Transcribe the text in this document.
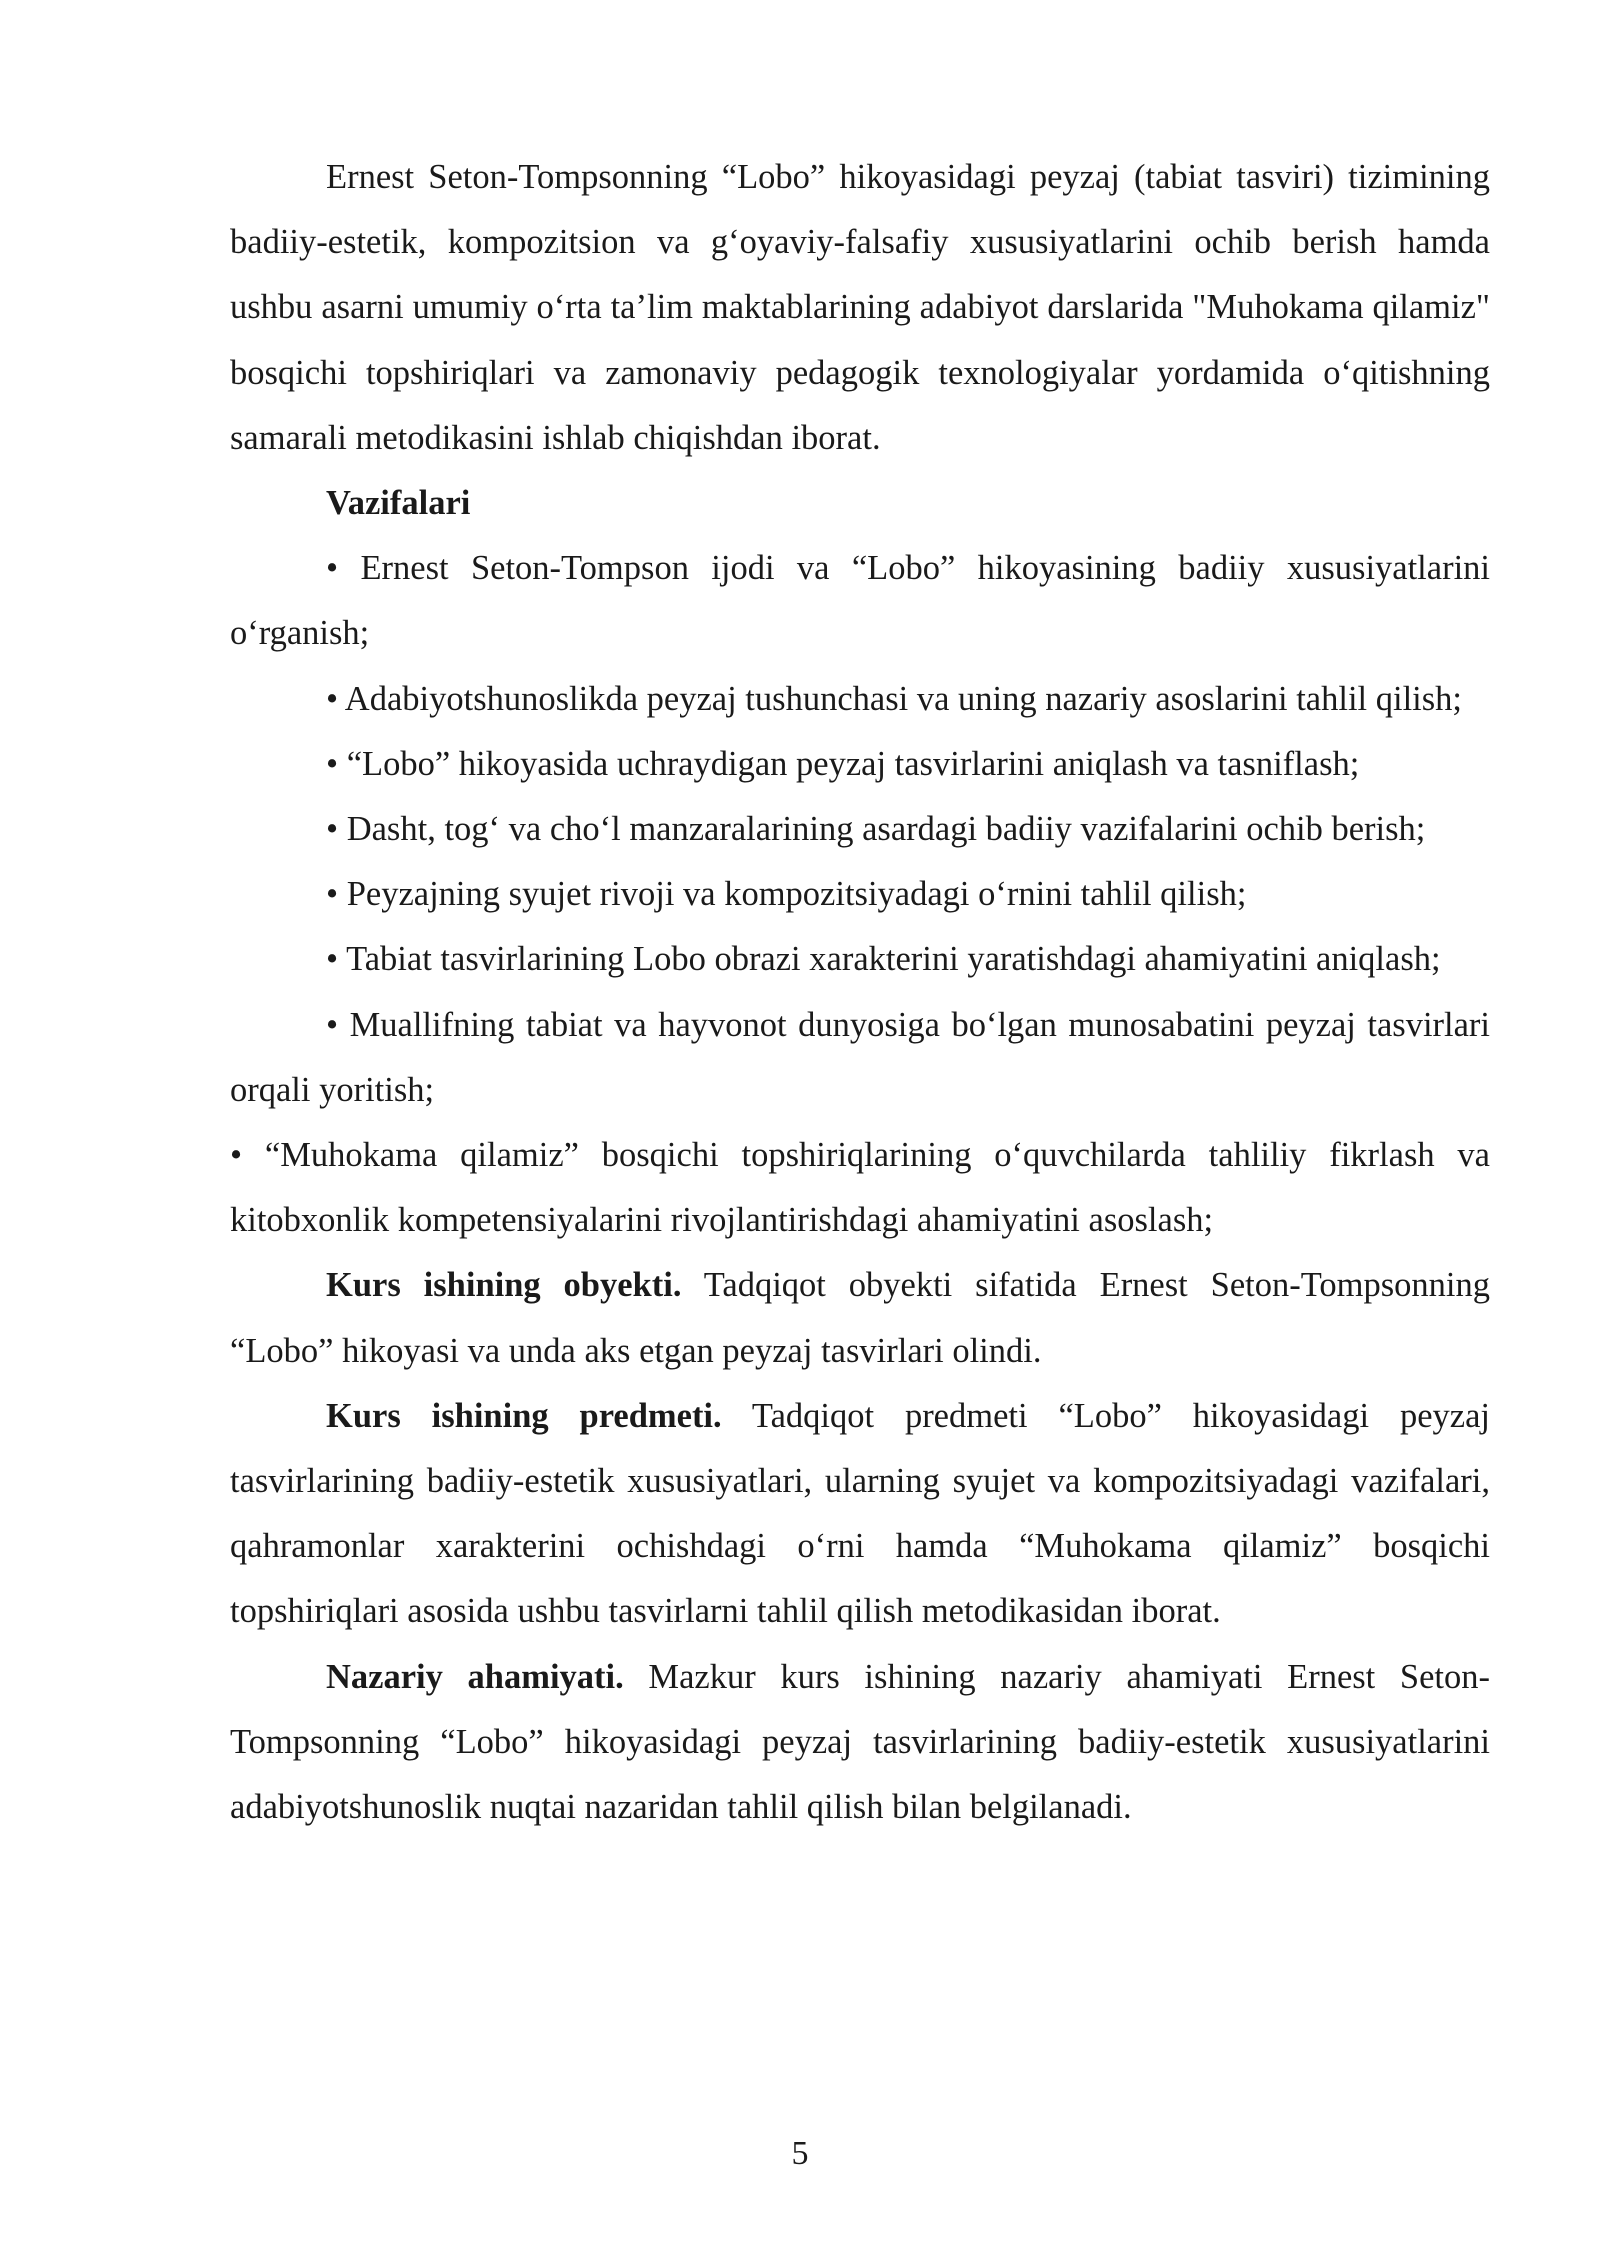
Ernest Seton-Tompsonning “Lobo” hikoyasidagi peyzaj (tabiat tasviri) tizimining badiiy-estetik, kompozitsion va g‘oyaviy-falsafiy xususiyatlarini ochib berish hamda ushbu asarni umumiy o‘rta ta’lim maktablarining adabiyot darslarida "Muhokama qilamiz" bosqichi topshiriqlari va zamonaviy pedagogik texnologiyalar yordamida o‘qitishning samarali metodikasini ishlab chiqishdan iborat.

Vazifalari

• Ernest Seton-Tompson ijodi va “Lobo” hikoyasining badiiy xususiyatlarini o‘rganish;

• Adabiyotshunoslikda peyzaj tushunchasi va uning nazariy asoslarini tahlil qilish;

• “Lobo” hikoyasida uchraydigan peyzaj tasvirlarini aniqlash va tasniflash;

• Dasht, tog‘ va cho‘l manzaralarining asardagi badiiy vazifalarini ochib berish;

• Peyzajning syujet rivoji va kompozitsiyadagi o‘rnini tahlil qilish;

• Tabiat tasvirlarining Lobo obrazi xarakterini yaratishdagi ahamiyatini aniqlash;

• Muallifning tabiat va hayvonot dunyosiga bo‘lgan munosabatini peyzaj tasvirlari orqali yoritish;

• “Muhokama qilamiz” bosqichi topshiriqlarining o‘quvchilarda tahliliy fikrlash va kitobxonlik kompetensiyalarini rivojlantirishdagi ahamiyatini asoslash;

Kurs ishining obyekti. Tadqiqot obyekti sifatida Ernest Seton-Tompsonning “Lobo” hikoyasi va unda aks etgan peyzaj tasvirlari olindi.

Kurs ishining predmeti. Tadqiqot predmeti “Lobo” hikoyasidagi peyzaj tasvirlarining badiiy-estetik xususiyatlari, ularning syujet va kompozitsiyadagi vazifalari, qahramonlar xarakterini ochishdagi o‘rni hamda “Muhokama qilamiz” bosqichi topshiriqlari asosida ushbu tasvirlarni tahlil qilish metodikasidan iborat.

Nazariy ahamiyati. Mazkur kurs ishining nazariy ahamiyati Ernest Seton-Tompsonning “Lobo” hikoyasidagi peyzaj tasvirlarining badiiy-estetik xususiyatlarini adabiyotshunoslik nuqtai nazaridan tahlil qilish bilan belgilanadi.

5
